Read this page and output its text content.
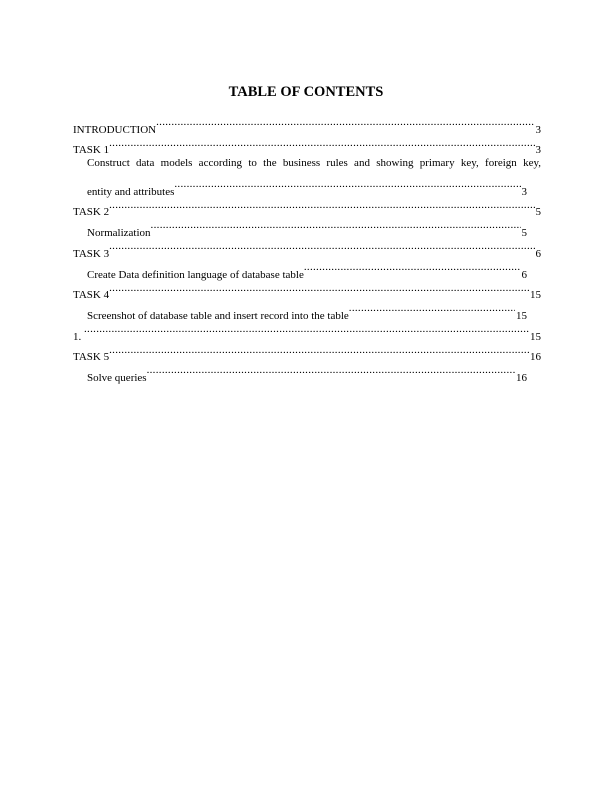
TABLE OF CONTENTS
INTRODUCTION .....	3
TASK 1 .....	3
Construct data models according to the business rules and showing primary key, foreign key,
entity and attributes .....	3
TASK 2 .....	5
Normalization .....	5
TASK 3 .....	6
Create Data definition language of database table .....	6
TASK 4 .....	15
Screenshot of database table and insert record into the table .....	15
1. .....	15
TASK 5 .....	16
Solve queries .....	16
